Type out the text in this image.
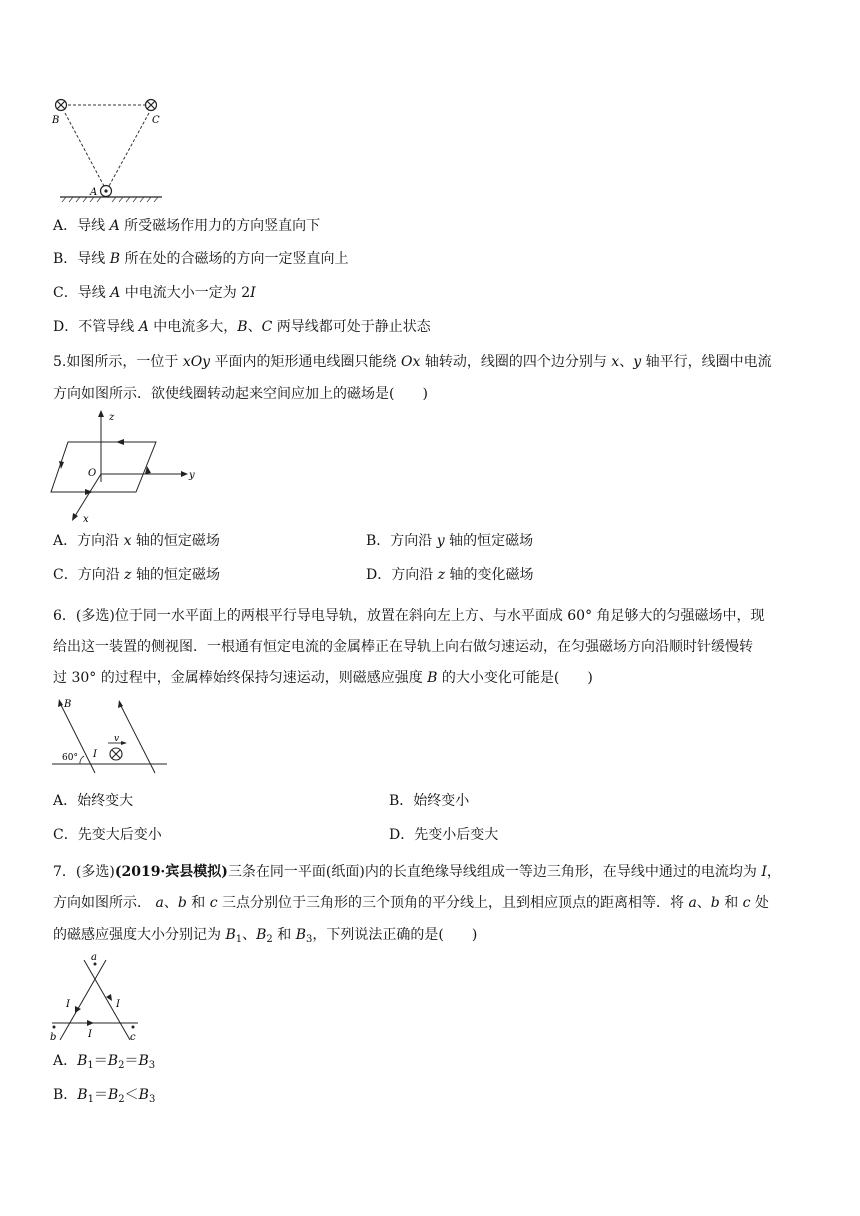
B	C
A
A．导线 A 所受磁场作用力的方向竖直向下
B．导线 B 所在处的合磁场的方向一定竖直向上
C．导线 A 中电流大小一定为 2I
D．不管导线 A 中电流多大，B、C 两导线都可处于静止状态
5.如图所示，一位于 xOy 平面内的矩形通电线圈只能绕 Ox 轴转动，线圈的四个边分别与 x、y 轴平行，线圈中电流
方向如图所示．欲使线圈转动起来空间应加上的磁场是(　　)
z
y
x
O
A．方向沿 x 轴的恒定磁场	B．方向沿 y 轴的恒定磁场
C．方向沿 z 轴的恒定磁场	D．方向沿 z 轴的变化磁场
6．(多选)位于同一水平面上的两根平行导电导轨，放置在斜向左上方、与水平面成 60° 角足够大的匀强磁场中，现
给出这一装置的侧视图．一根通有恒定电流的金属棒正在导轨上向右做匀速运动，在匀强磁场方向沿顺时针缓慢转
过 30° 的过程中，金属棒始终保持匀速运动，则磁感应强度 B 的大小变化可能是(　　)
B
60° I
v
A．始终变大	B．始终变小
C．先变大后变小	D．先变小后变大
7．(多选)(2019·宾县模拟)三条在同一平面(纸面)内的长直绝缘导线组成一等边三角形，在导线中通过的电流均为 I，
方向如图所示． a、b 和 c 三点分别位于三角形的三个顶角的平分线上，且到相应顶点的距离相等．将 a、b 和 c 处
的磁感应强度大小分别记为 $B_1$、$B_2$ 和 $B_3$，下列说法正确的是(　　)
a
b	c
I	I
I
A．$B_1=B_2=B_3$
B．$B_1=B_2<B_3$
